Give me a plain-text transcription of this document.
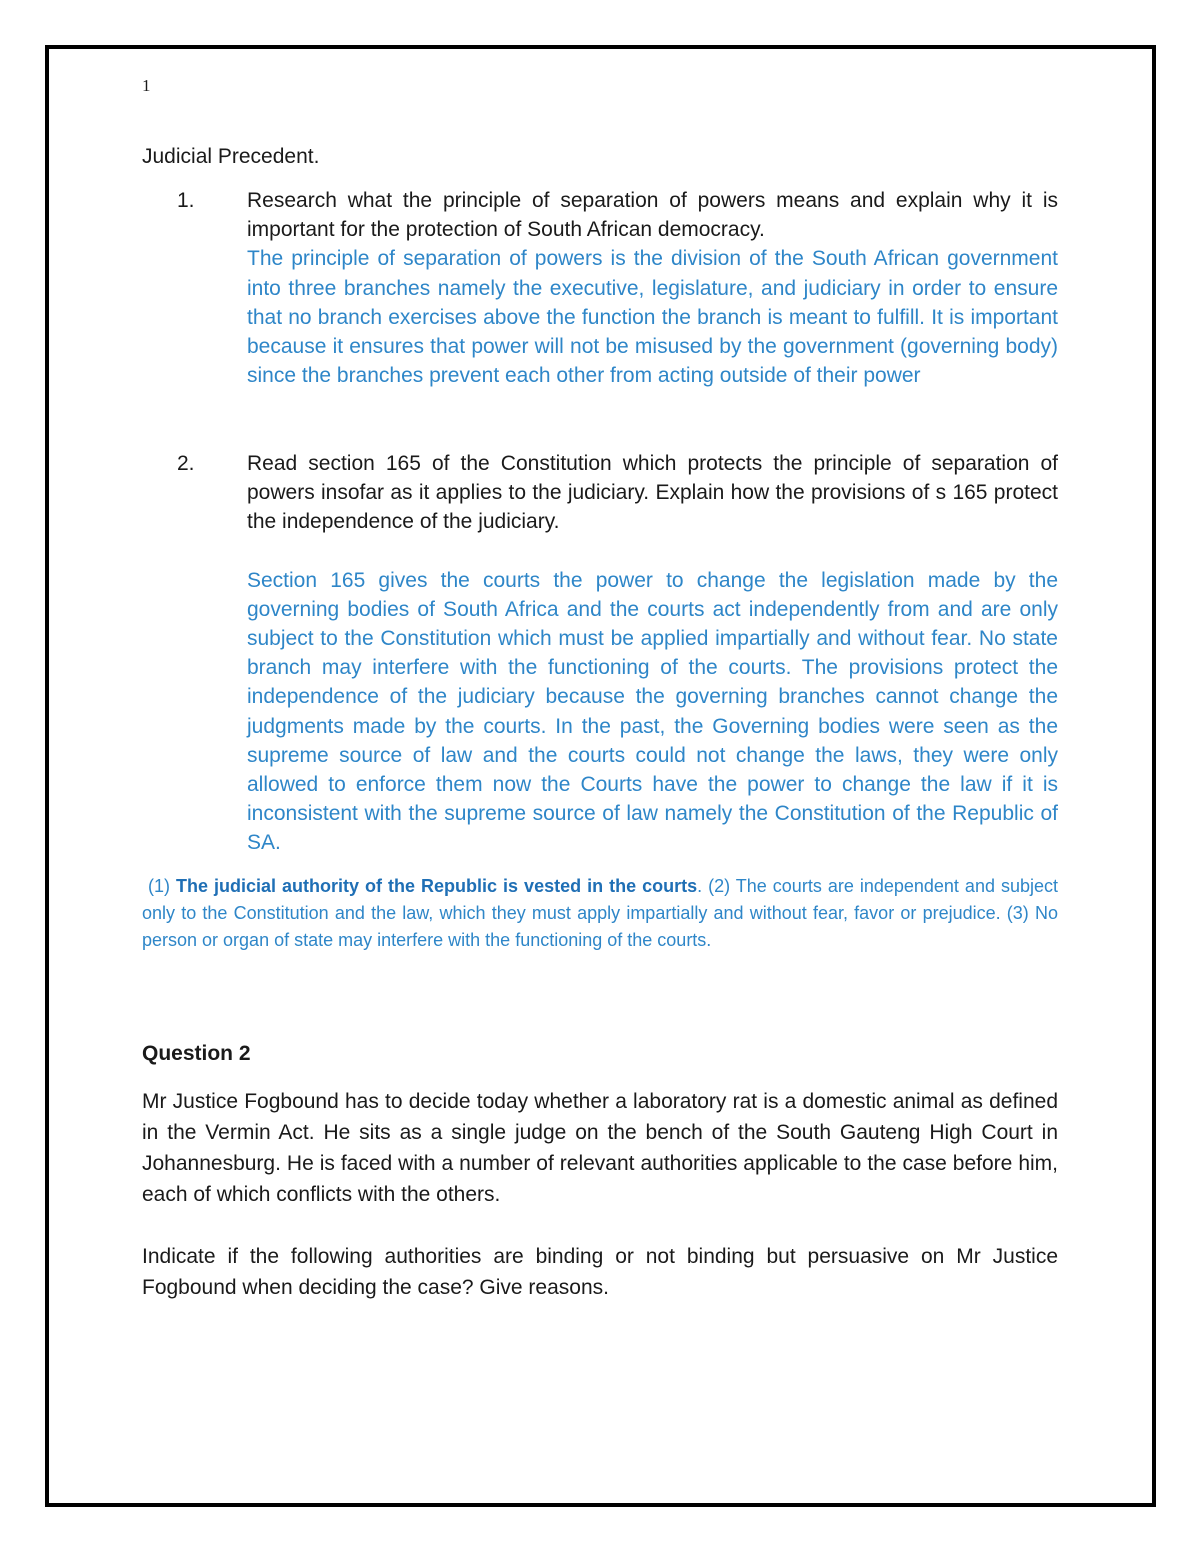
1
Judicial Precedent.
1. Research what the principle of separation of powers means and explain why it is important for the protection of South African democracy.

The principle of separation of powers is the division of the South African government into three branches namely the executive, legislature, and judiciary in order to ensure that no branch exercises above the function the branch is meant to fulfill. It is important because it ensures that power will not be misused by the government (governing body) since the branches prevent each other from acting outside of their power

2. Read section 165 of the Constitution which protects the principle of separation of powers insofar as it applies to the judiciary. Explain how the provisions of s 165 protect the independence of the judiciary.

Section 165 gives the courts the power to change the legislation made by the governing bodies of South Africa and the courts act independently from and are only subject to the Constitution which must be applied impartially and without fear. No state branch may interfere with the functioning of the courts. The provisions protect the independence of the judiciary because the governing branches cannot change the judgments made by the courts. In the past, the Governing bodies were seen as the supreme source of law and the courts could not change the laws, they were only allowed to enforce them now the Courts have the power to change the law if it is inconsistent with the supreme source of law namely the Constitution of the Republic of SA.

(1) The judicial authority of the Republic is vested in the courts. (2) The courts are independent and subject only to the Constitution and the law, which they must apply impartially and without fear, favor or prejudice. (3) No person or organ of state may interfere with the functioning of the courts.

Question 2

Mr Justice Fogbound has to decide today whether a laboratory rat is a domestic animal as defined in the Vermin Act. He sits as a single judge on the bench of the South Gauteng High Court in Johannesburg. He is faced with a number of relevant authorities applicable to the case before him, each of which conflicts with the others.

Indicate if the following authorities are binding or not binding but persuasive on Mr Justice Fogbound when deciding the case? Give reasons.
